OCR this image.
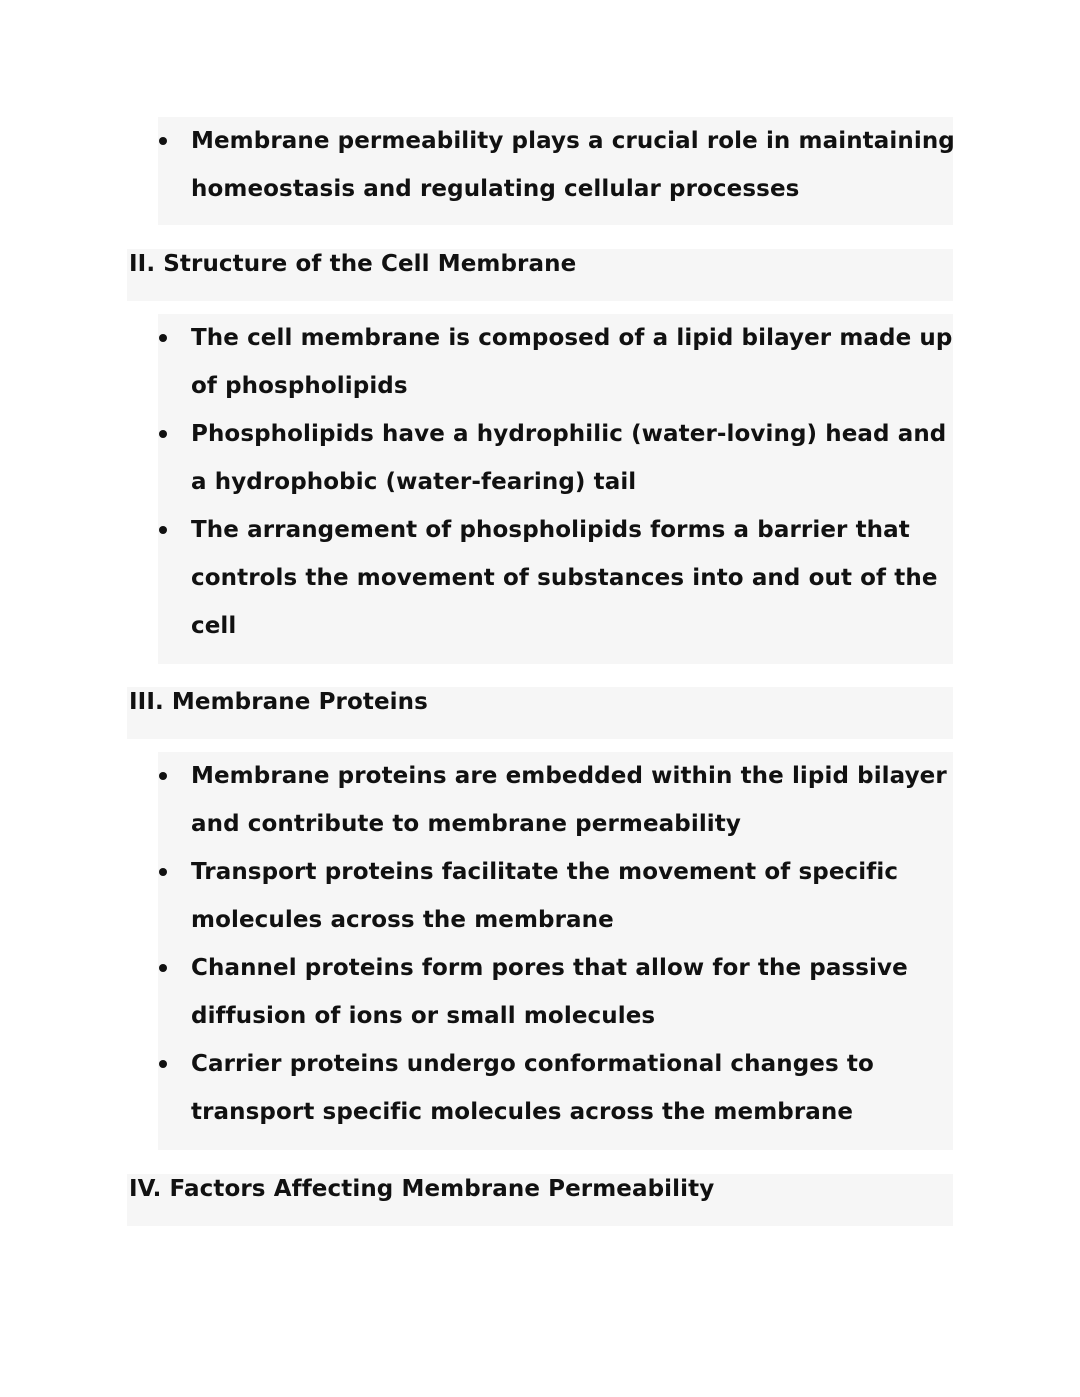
Membrane permeability plays a crucial role in maintaining
homeostasis and regulating cellular processes
II. Structure of the Cell Membrane
The cell membrane is composed of a lipid bilayer made up
of phospholipids
Phospholipids have a hydrophilic (water-loving) head and
a hydrophobic (water-fearing) tail
The arrangement of phospholipids forms a barrier that
controls the movement of substances into and out of the
cell
III. Membrane Proteins
Membrane proteins are embedded within the lipid bilayer
and contribute to membrane permeability
Transport proteins facilitate the movement of specific
molecules across the membrane
Channel proteins form pores that allow for the passive
diffusion of ions or small molecules
Carrier proteins undergo conformational changes to
transport specific molecules across the membrane
IV. Factors Affecting Membrane Permeability
